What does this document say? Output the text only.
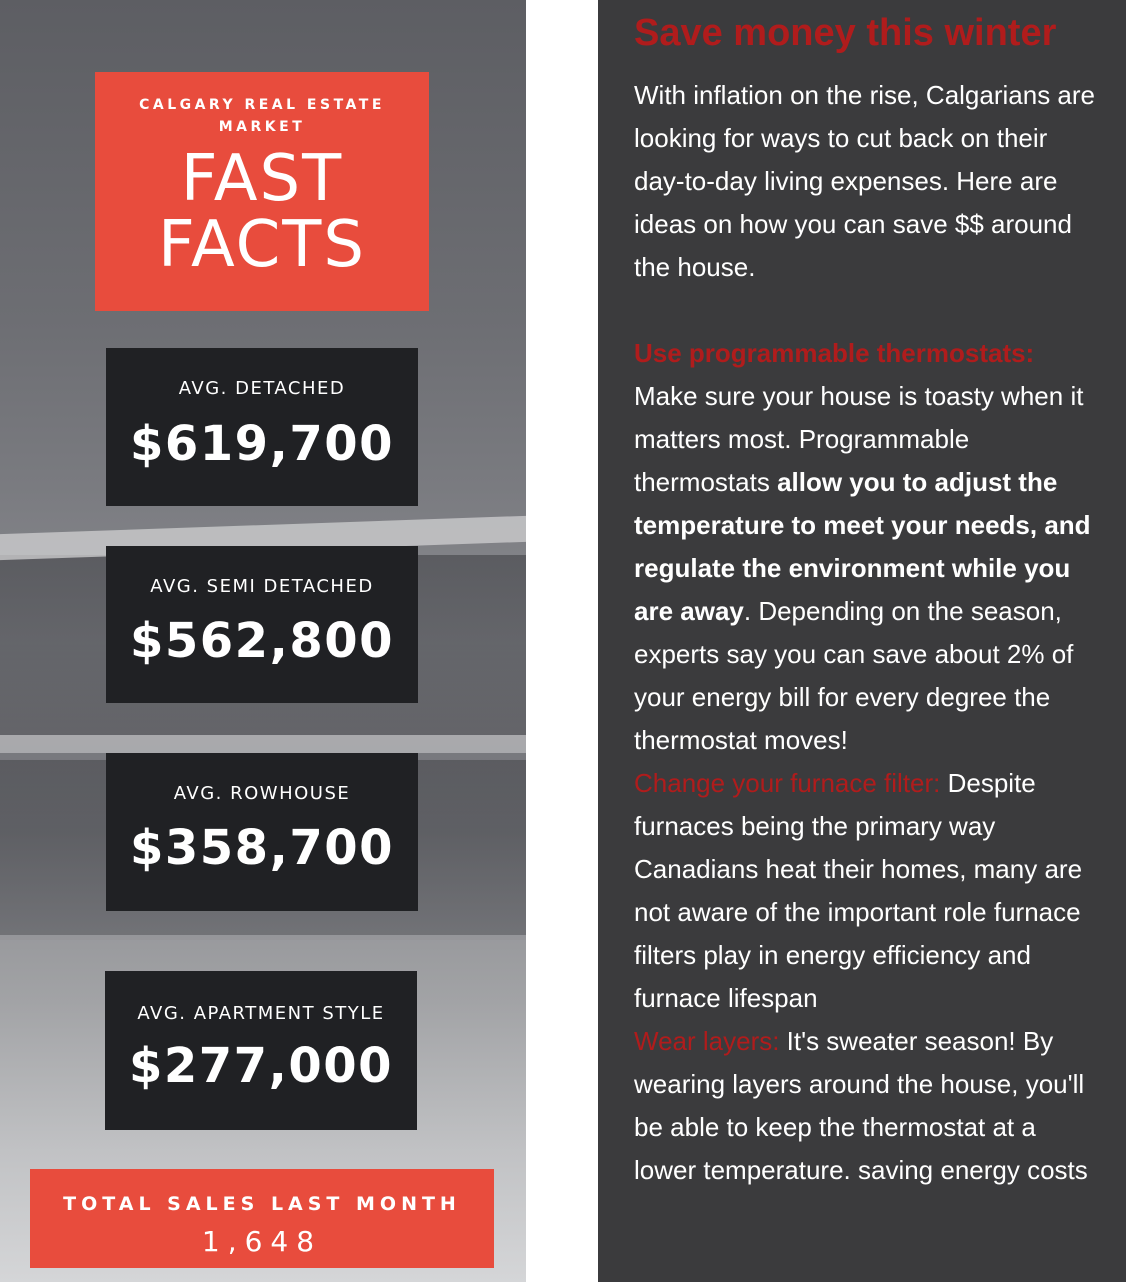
CALGARY REAL ESTATE MARKET
FAST
FACTS
AVG. DETACHED
$619,700
AVG. SEMI DETACHED
$562,800
AVG. ROWHOUSE
$358,700
AVG. APARTMENT STYLE
$277,000
TOTAL SALES LAST MONTH
1,648
Save money this winter

With inflation on the rise, Calgarians are looking for ways to cut back on their day-to-day living expenses. Here are ideas on how you can save $$ around the house.

Use programmable thermostats:
Make sure your house is toasty when it matters most. Programmable thermostats allow you to adjust the temperature to meet your needs, and regulate the environment while you are away. Depending on the season, experts say you can save about 2% of your energy bill for every degree the thermostat moves!

Change your furnace filter: Despite furnaces being the primary way Canadians heat their homes, many are not aware of the important role furnace filters play in energy efficiency and furnace lifespan

Wear layers: It's sweater season! By wearing layers around the house, you'll be able to keep the thermostat at a lower temperature. saving energy costs
